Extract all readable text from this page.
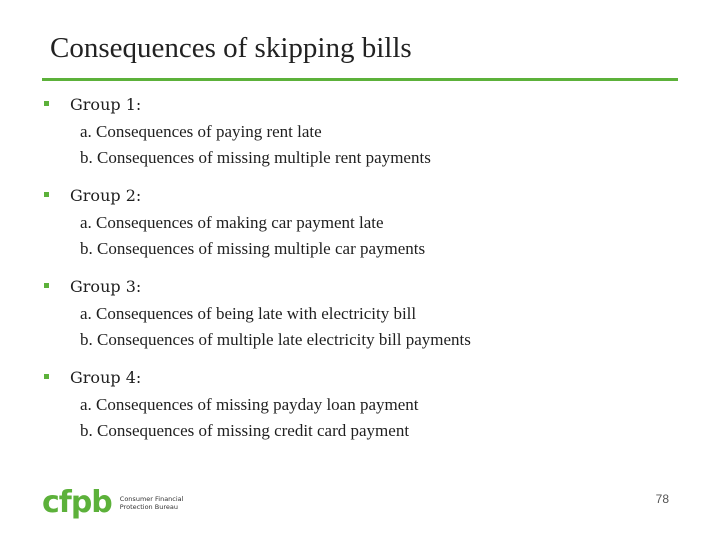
Consequences of skipping bills
Group 1:
a. Consequences of paying rent late
b. Consequences of missing multiple rent payments
Group 2:
a. Consequences of making car payment late
b. Consequences of missing multiple car payments
Group 3:
a. Consequences of being late with electricity bill
b. Consequences of multiple late electricity bill payments
Group 4:
a. Consequences of missing payday loan payment
b. Consequences of missing credit card payment
cfpb Consumer Financial
Protection Bureau
78
